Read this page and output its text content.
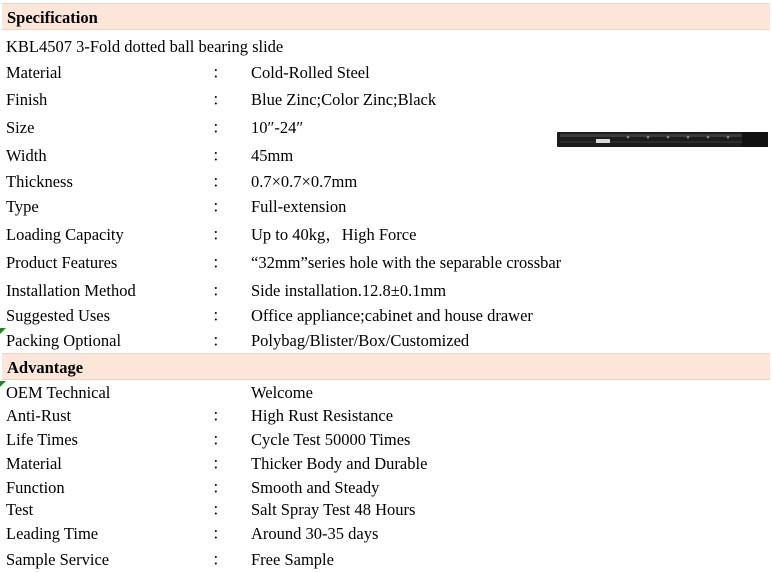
Specification
KBL4507 3-Fold dotted ball bearing slide
Material	： Cold-Rolled Steel
Finish	： Blue Zinc;Color Zinc;Black
Size	： 10″-24″
Width	： 45mm
Thickness	： 0.7×0.7×0.7mm
Type	： Full-extension
Loading Capacity	： Up to 40kg，High Force
Product Features	： “32mm”series hole with the separable crossbar
Installation Method	： Side installation.12.8±0.1mm
Suggested Uses	： Office appliance;cabinet and house drawer
Packing Optional	： Polybag/Blister/Box/Customized
Advantage
OEM Technical	Welcome
Anti-Rust	： High Rust Resistance
Life Times	： Cycle Test 50000 Times
Material	： Thicker Body and Durable
Function	： Smooth and Steady
Test	： Salt Spray Test 48 Hours
Leading Time	： Around 30-35 days
Sample Service	： Free Sample
